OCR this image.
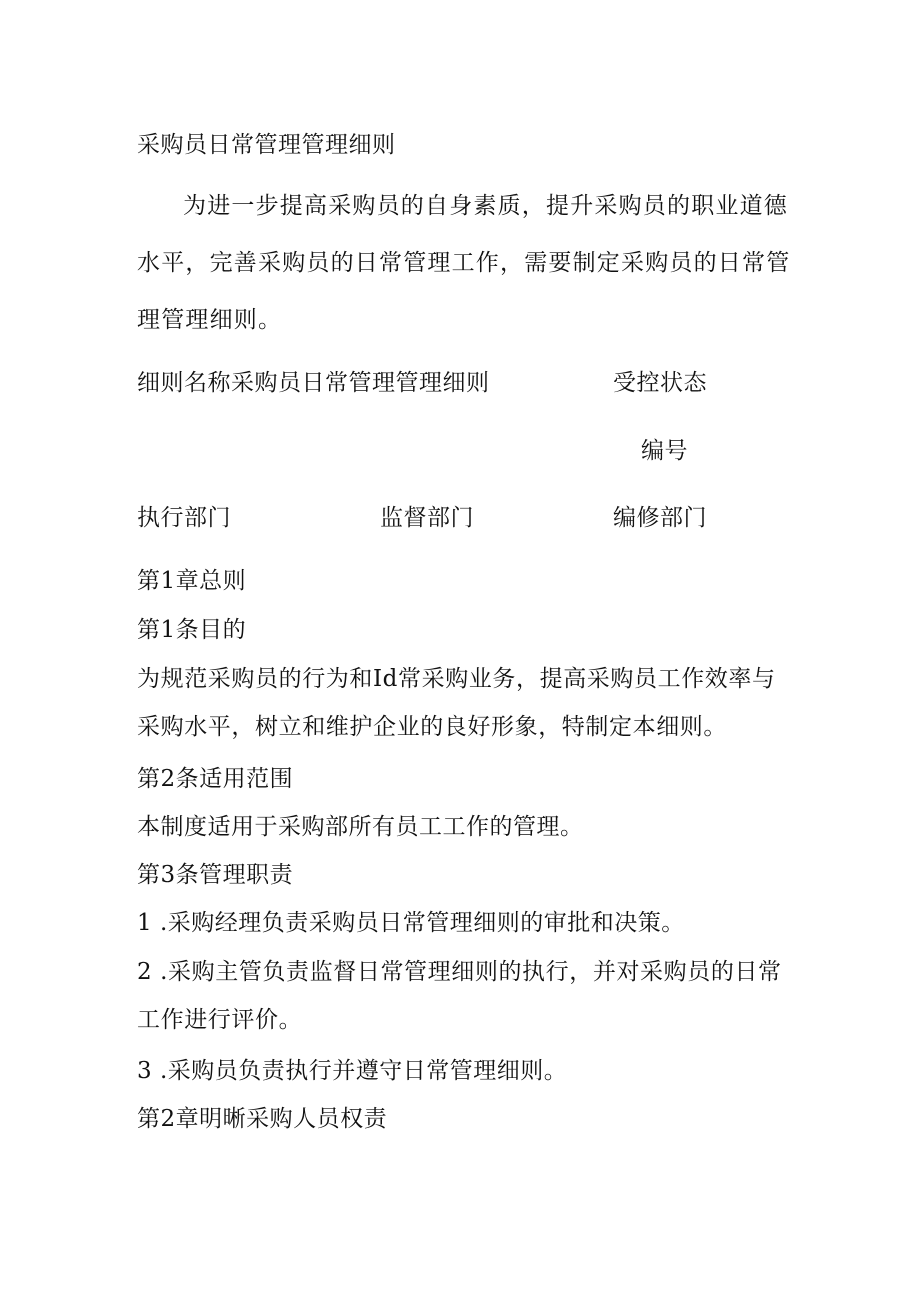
采购员日常管理管理细则
为进一步提高采购员的自身素质，提升采购员的职业道德水平，完善采购员的日常管理工作，需要制定采购员的日常管理管理细则。
细则名称采购员日常管理管理细则	受控状态
编号
执行部门	监督部门	编修部门
第1章总则
第1条目的
为规范采购员的行为和Id常采购业务，提高采购员工作效率与采购水平，树立和维护企业的良好形象，特制定本细则。
第2条适用范围
本制度适用于采购部所有员工工作的管理。
第3条管理职责
1 .采购经理负责采购员日常管理细则的审批和决策。
2 .采购主管负责监督日常管理细则的执行，并对采购员的日常工作进行评价。
3 .采购员负责执行并遵守日常管理细则。
第2章明晰采购人员权责
